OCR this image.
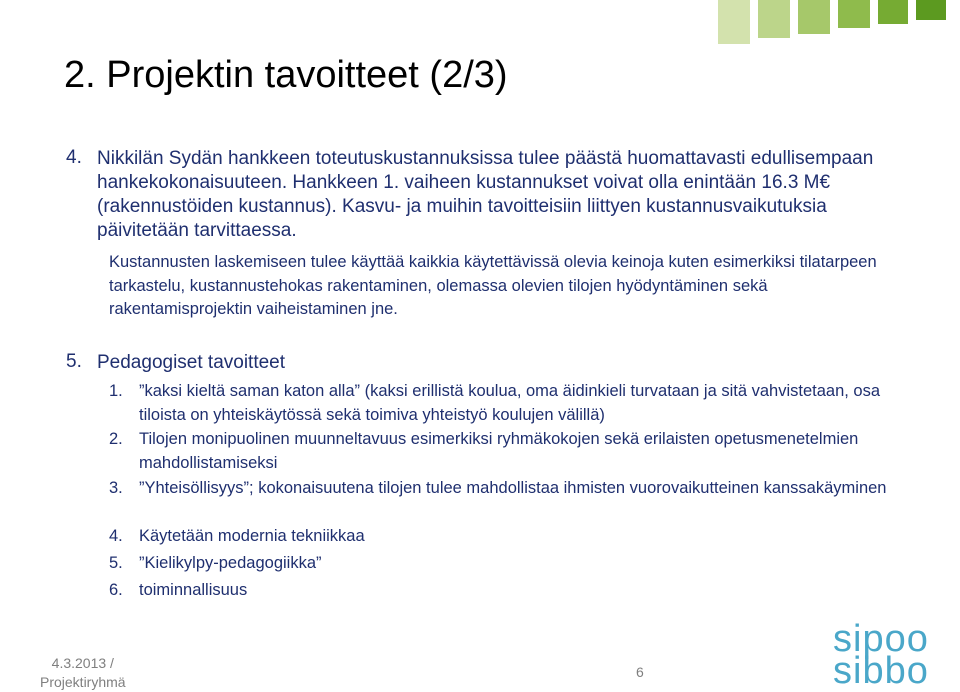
2. Projektin tavoitteet (2/3)
4. Nikkilän Sydän hankkeen toteutuskustannuksissa tulee päästä huomattavasti edullisempaan hankekokonaisuuteen. Hankkeen 1. vaiheen kustannukset voivat olla enintään 16.3 M€ (rakennustöiden kustannus). Kasvu- ja muihin tavoitteisiin liittyen kustannusvaikutuksia päivitetään tarvittaessa.
Kustannusten laskemiseen tulee käyttää kaikkia käytettävissä olevia keinoja kuten esimerkiksi tilatarpeen tarkastelu, kustannustehokas rakentaminen, olemassa olevien tilojen hyödyntäminen sekä rakentamisprojektin vaiheistaminen jne.
5. Pedagogiset tavoitteet
1. ”kaksi kieltä saman katon alla” (kaksi erillistä koulua, oma äidinkieli turvataan ja sitä vahvistetaan, osa tiloista on yhteiskäytössä sekä toimiva yhteistyö koulujen välillä)
2. Tilojen monipuolinen muunneltavuus esimerkiksi ryhmäkokojen sekä erilaisten opetusmenetelmien mahdollistamiseksi
3. ”Yhteisöllisyys”; kokonaisuutena tilojen tulee mahdollistaa ihmisten vuorovaikutteinen kanssakäyminen
4. Käytetään modernia tekniikkaa
5. ”Kielikylpy-pedagogiikka”
6. toiminnallisuus
4.3.2013 /
Projektiryhmä
6
sipoo
sibbo
